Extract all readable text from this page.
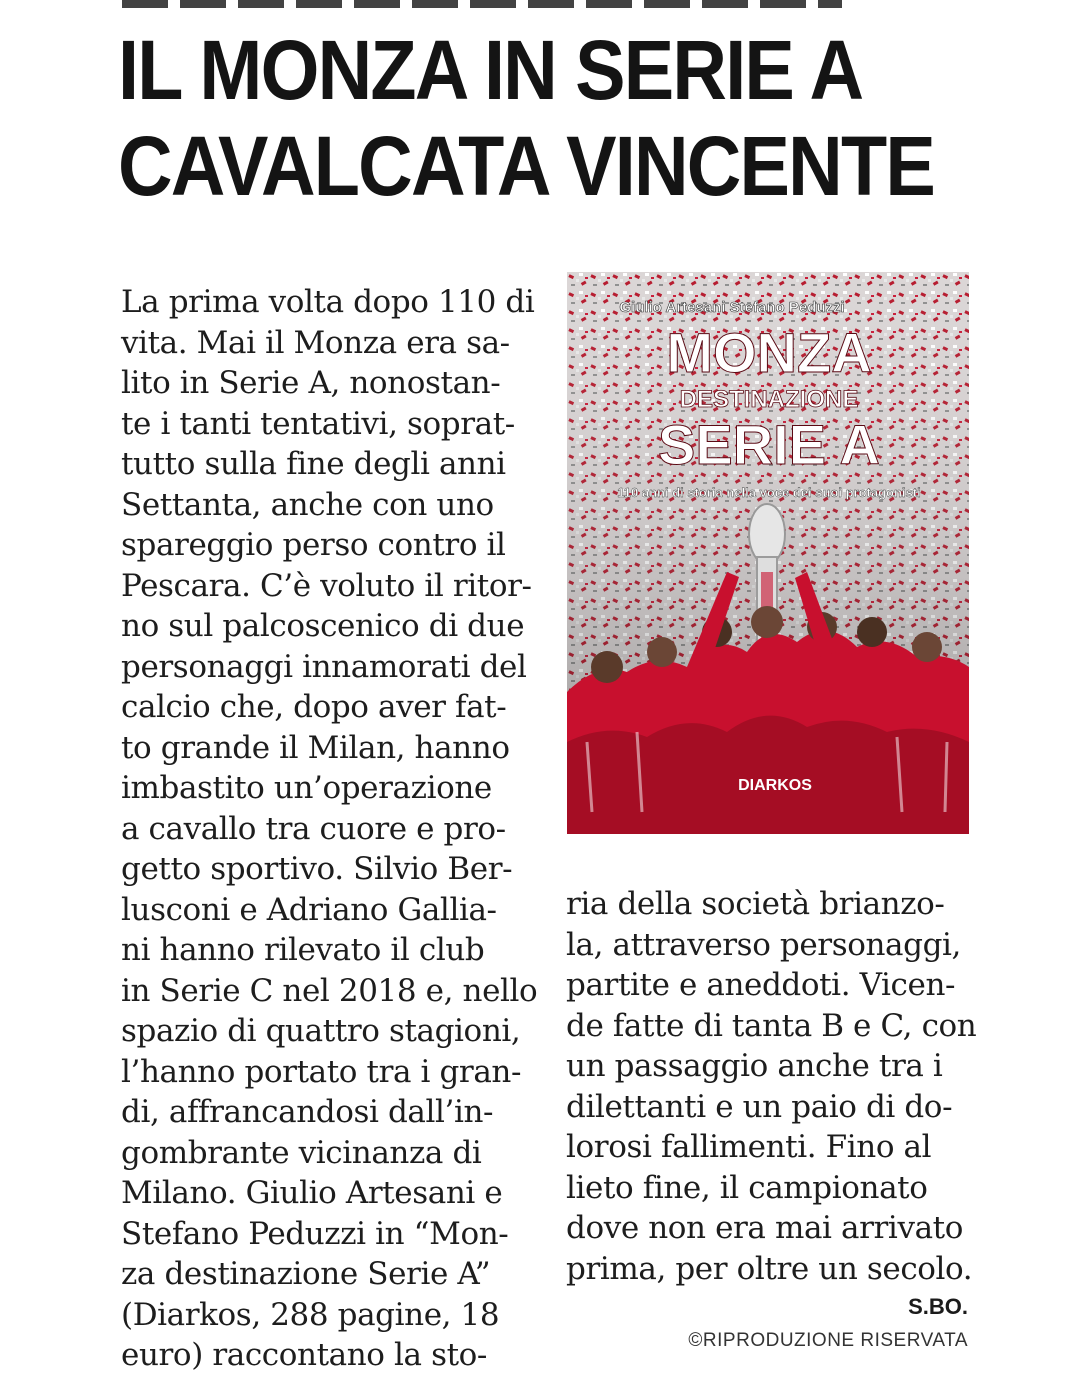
IL MONZA IN SERIE A
CAVALCATA VINCENTE
La prima volta dopo 110 di
vita. Mai il Monza era sa-
lito in Serie A, nonostan-
te i tanti tentativi, soprat-
tutto sulla fine degli anni
Settanta, anche con uno
spareggio perso contro il
Pescara. C’è voluto il ritor-
no sul palcoscenico di due
personaggi innamorati del
calcio che, dopo aver fat-
to grande il Milan, hanno
imbastito un’operazione
a cavallo tra cuore e pro-
getto sportivo. Silvio Ber-
lusconi e Adriano Gallia-
ni hanno rilevato il club
in Serie C nel 2018 e, nello
spazio di quattro stagioni,
l’hanno portato tra i gran-
di, affrancandosi dall’in-
gombrante vicinanza di
Milano. Giulio Artesani e
Stefano Peduzzi in “Mon-
za destinazione Serie A”
(Diarkos, 288 pagine, 18
euro) raccontano la sto-
Giulio Artesani Stefano Peduzzi
MONZA
DESTINAZIONE
SERIE A
110 anni di storia nella voce dei suoi protagonisti
DIARKOS
ria della società brianzo-
la, attraverso personaggi,
partite e aneddoti. Vicen-
de fatte di tanta B e C, con
un passaggio anche tra i
dilettanti e un paio di do-
lorosi fallimenti. Fino al
lieto fine, il campionato
dove non era mai arrivato
prima, per oltre un secolo.
S.BO.
©RIPRODUZIONE RISERVATA
